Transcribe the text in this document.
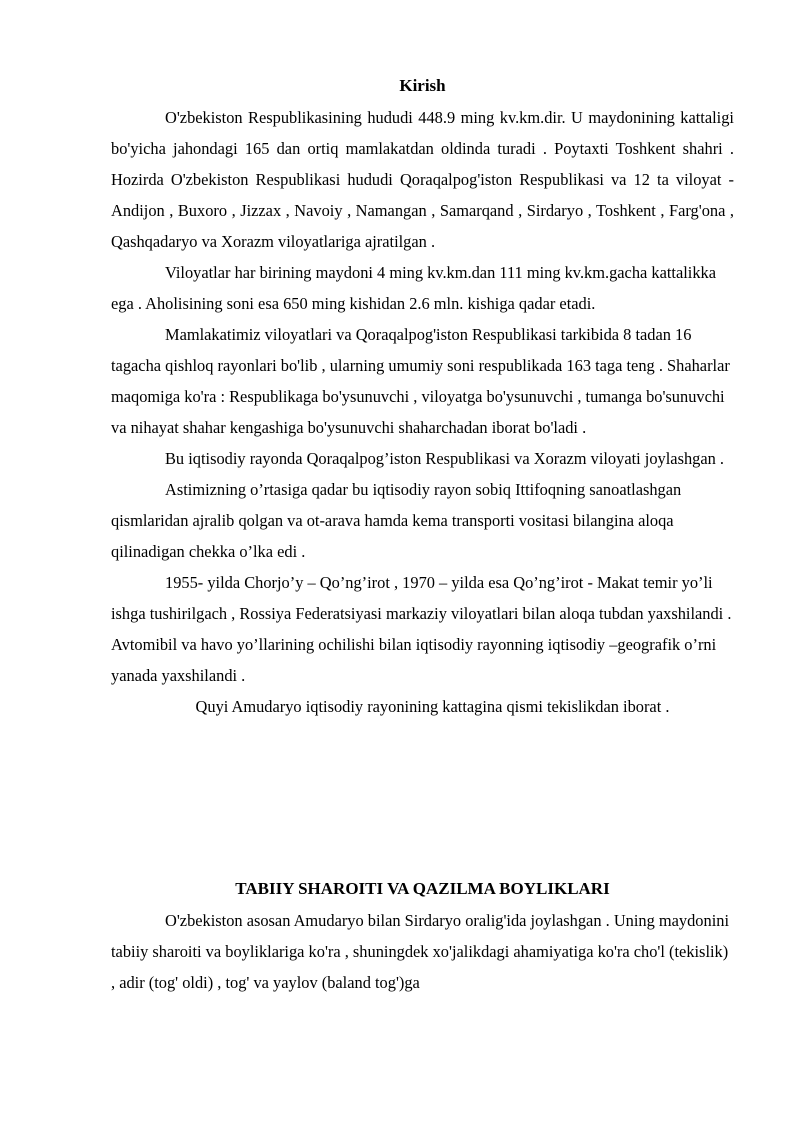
Kirish

O'zbekiston Respublikasining hududi 448.9 ming kv.km.dir. U maydonining kattaligi bo'yicha jahondagi 165 dan ortiq mamlakatdan oldinda turadi . Poytaxti Toshkent shahri . Hozirda O'zbekiston Respublikasi hududi Qoraqalpog'iston Respublikasi va 12 ta viloyat - Andijon , Buxoro , Jizzax , Navoiy , Namangan , Samarqand , Sirdaryo , Toshkent , Farg'ona , Qashqadaryo va Xorazm viloyatlariga ajratilgan .

Viloyatlar har birining maydoni 4 ming kv.km.dan 111 ming kv.km.gacha kattalikka ega . Aholisining soni esa 650 ming kishidan 2.6 mln. kishiga qadar etadi.

Mamlakatimiz viloyatlari va Qoraqalpog'iston Respublikasi tarkibida 8 tadan 16 tagacha qishloq rayonlari bo'lib , ularning umumiy soni respublikada 163 taga teng . Shaharlar maqomiga ko'ra : Respublikaga bo'ysunuvchi , viloyatga bo'ysunuvchi , tumanga bo'sunuvchi va nihayat shahar kengashiga bo'ysunuvchi shaharchadan iborat bo'ladi .

Bu iqtisodiy rayonda Qoraqalpog’iston Respublikasi va Xorazm viloyati joylashgan .

Astimizning o’rtasiga qadar bu iqtisodiy rayon sobiq Ittifoqning sanoatlashgan qismlaridan ajralib qolgan va ot-arava hamda kema transporti vositasi bilangina aloqa qilinadigan chekka o’lka edi .

1955- yilda Chorjo’y – Qo’ng’irot , 1970 – yilda esa Qo’ng’irot - Makat temir yo’li ishga tushirilgach , Rossiya Federatsiyasi markaziy viloyatlari bilan aloqa tubdan yaxshilandi . Avtomibil va havo yo’llarining ochilishi bilan iqtisodiy rayonning iqtisodiy –geografik o’rni yanada yaxshilandi .

Quyi Amudaryo iqtisodiy rayonining kattagina qismi tekislikdan iborat .

TABIIY SHAROITI VA QAZILMA BOYLIKLARI

O'zbekiston asosan Amudaryo bilan Sirdaryo oralig'ida joylashgan . Uning maydonini tabiiy sharoiti va boyliklariga ko'ra , shuningdek xo'jalikdagi ahamiyatiga ko'ra cho'l (tekislik) , adir (tog' oldi) , tog' va yaylov (baland tog')ga
